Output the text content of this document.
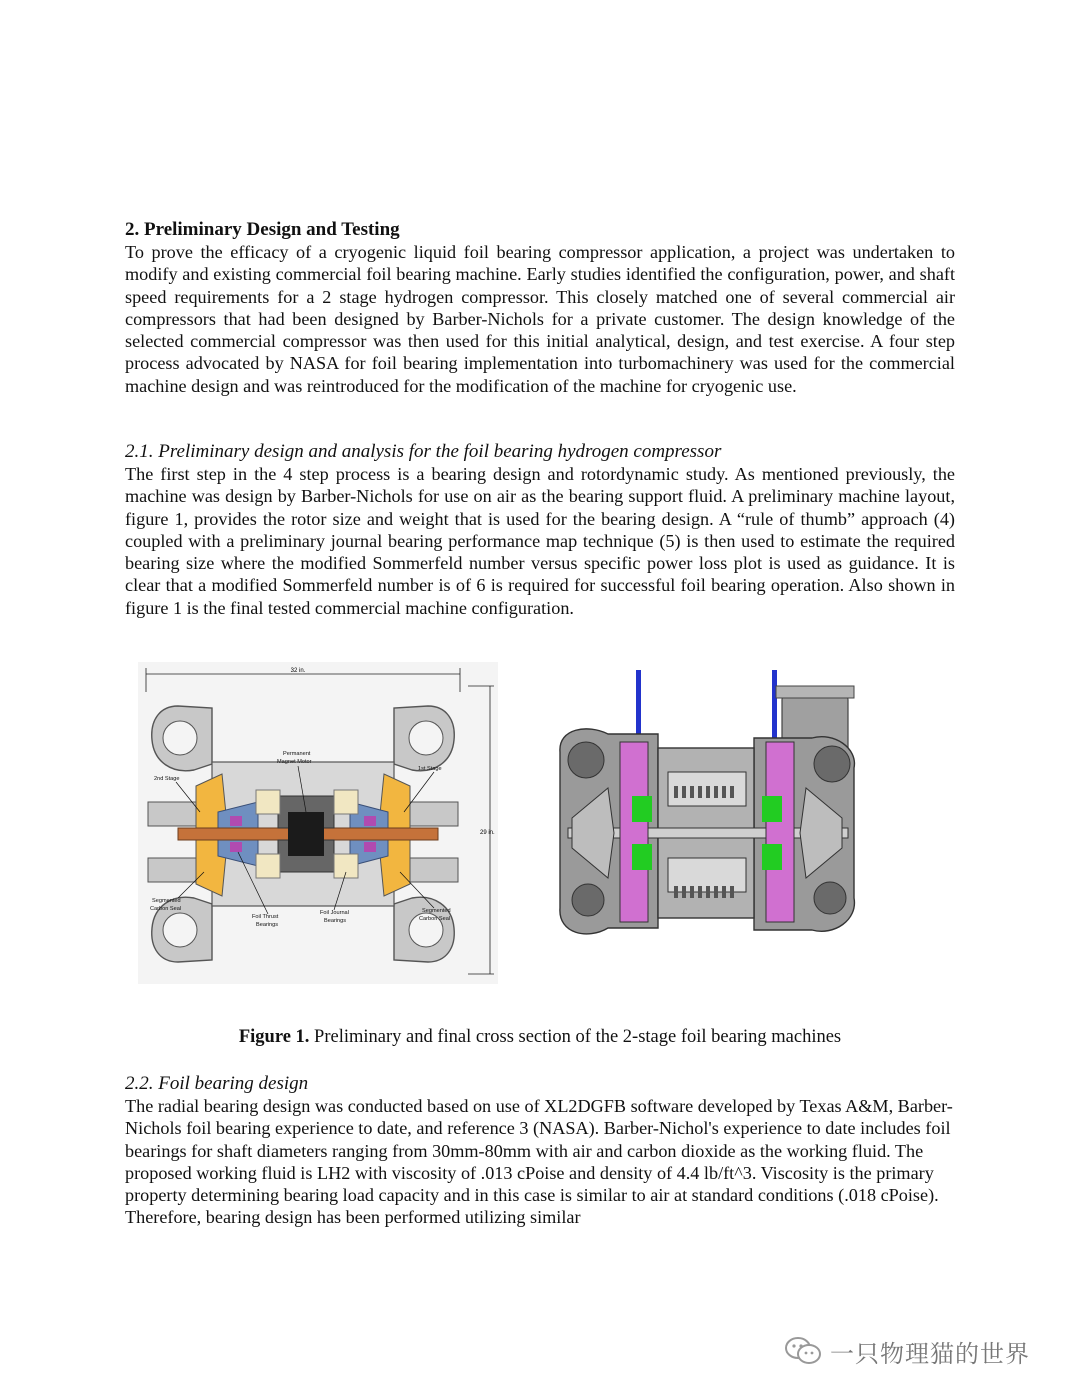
2. Preliminary Design and Testing

To prove the efficacy of a cryogenic liquid foil bearing compressor application, a project was undertaken to modify and existing commercial foil bearing machine. Early studies identified the configuration, power, and shaft speed requirements for a 2 stage hydrogen compressor. This closely matched one of several commercial air compressors that had been designed by Barber-Nichols for a private customer. The design knowledge of the selected commercial compressor was then used for this initial analytical, design, and test exercise. A four step process advocated by NASA for foil bearing implementation into turbomachinery was used for the commercial machine design and was reintroduced for the modification of the machine for cryogenic use.

2.1. Preliminary design and analysis for the foil bearing hydrogen compressor

The first step in the 4 step process is a bearing design and rotordynamic study. As mentioned previously, the machine was design by Barber-Nichols for use on air as the bearing support fluid. A preliminary machine layout, figure 1, provides the rotor size and weight that is used for the bearing design. A “rule of thumb” approach (4) coupled with a preliminary journal bearing performance map technique (5) is then used to estimate the required bearing size where the modified Sommerfeld number versus specific power loss plot is used as guidance. It is clear that a modified Sommerfeld number is of 6 is required for successful foil bearing operation. Also shown in figure 1 is the final tested commercial machine configuration.

32 in.
29 in.
Permanent
Magnet Motor
2nd Stage
1st Stage
Segmented
Carbon Seal
Foil Thrust
Bearings
Foil Journal
Bearings
Segmented
Carbon Seal

Figure 1. Preliminary and final cross section of the 2-stage foil bearing machines

2.2. Foil bearing design

The radial bearing design was conducted based on use of XL2DGFB software developed by Texas A&M, Barber-Nichols foil bearing experience to date, and reference 3 (NASA). Barber-Nichol's experience to date includes foil bearings for shaft diameters ranging from 30mm-80mm with air and carbon dioxide as the working fluid. The proposed working fluid is LH2 with viscosity of .013 cPoise and density of 4.4 lb/ft^3. Viscosity is the primary property determining bearing load capacity and in this case is similar to air at standard conditions (.018 cPoise). Therefore, bearing design has been performed utilizing similar

一只物理猫的世界
